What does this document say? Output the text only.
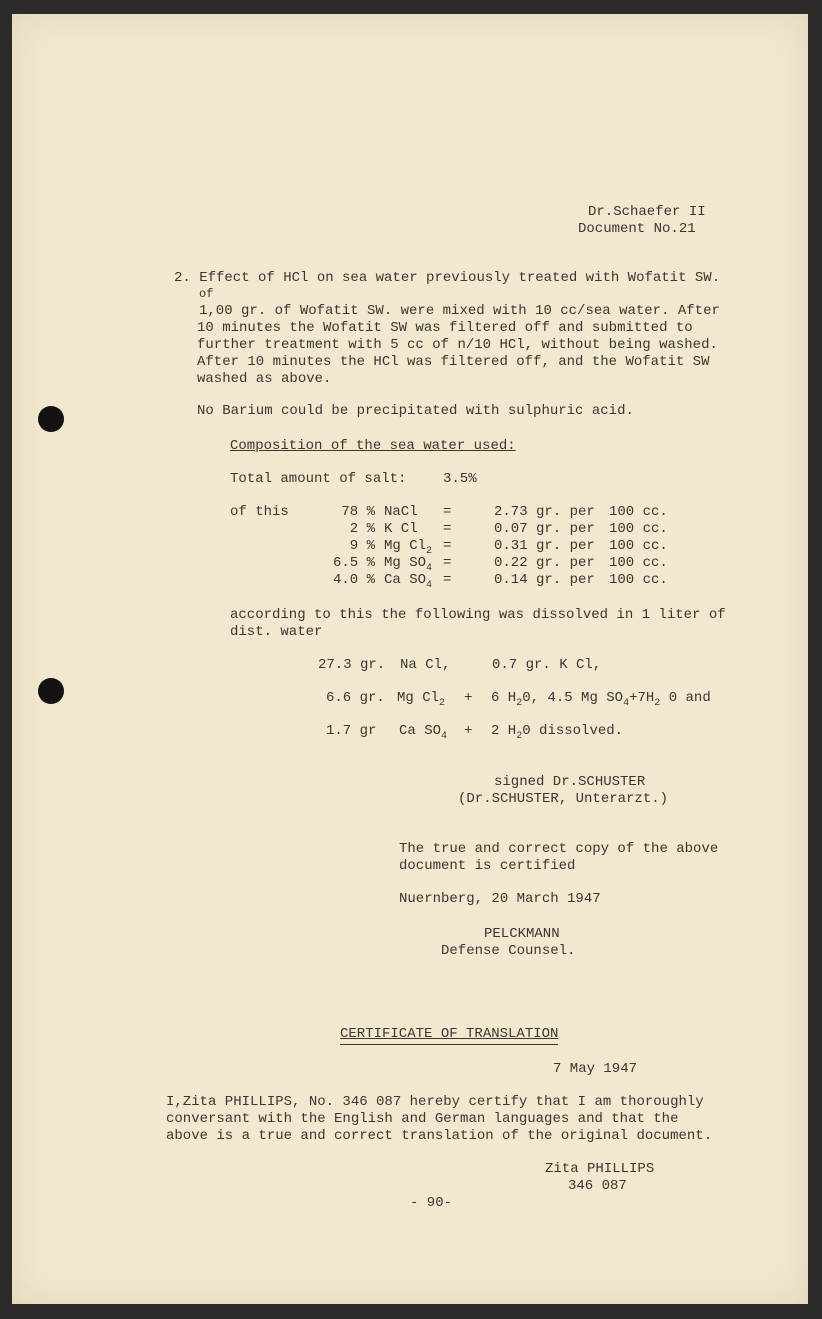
Dr.Schaefer II

Document No.21

2. Effect of HCl on sea water previously treated with Wofatit SW.

of

1,00 gr. of Wofatit SW. were mixed with 10 cc/sea water. After

10 minutes the Wofatit SW was filtered off and submitted to

further treatment with 5 cc of n/10 HCl, without being washed.

After 10 minutes the HCl was filtered off, and the Wofatit SW

washed as above.

No Barium could be precipitated with sulphuric acid.

Composition of the sea water used:

Total amount of salt:	3.5%

of this	78 % NaCl =	2.73 gr. per 100 cc.

2 % K Cl =	0.07 gr. per 100 cc.

9 % Mg $Cl_2$ =	0.31 gr. per 100 cc.

6.5 % Mg $SO_4$ =	0.22 gr. per 100 cc.

4.0 % Ca $SO_4$ =	0.14 gr. per 100 cc.

according to this the following was dissolved in 1 liter of

dist. water

27.3 gr. Na Cl,	0.7 gr. K Cl,

6.6 gr. Mg $Cl_2 + 6$ $H_20$, 4.5 Mg $SO_4+7H_2$ 0 and

1.7 gr Ca $SO_4 + 2$ $H_20$ dissolved.

signed Dr.SCHUSTER

(Dr.SCHUSTER, Unterarzt.)

The true and correct copy of the above

document is certified

Nuernberg, 20 March 1947

PELCKMANN

Defense Counsel.

CERTIFICATE OF TRANSLATION

7 May 1947

I,Zita PHILLIPS, No. 346 087 hereby certify that I am thoroughly

conversant with the English and German languages and that the

above is a true and correct translation of the original document.

Zita PHILLIPS

346 087

- 90-
